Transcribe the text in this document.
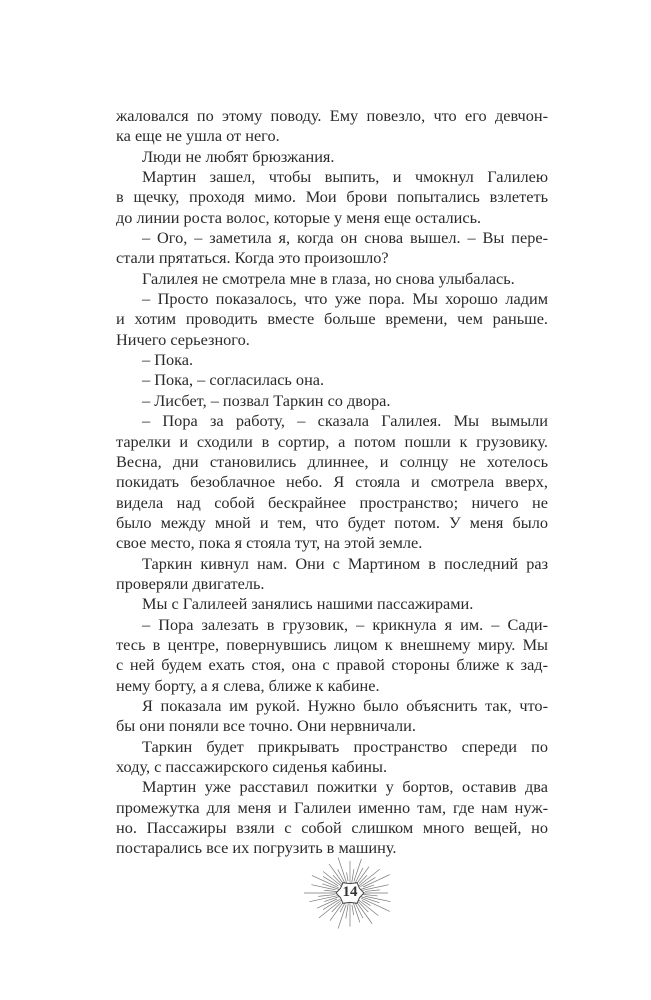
жаловался по этому поводу. Ему повезло, что его девчон-
ка еще не ушла от него.
Люди не любят брюзжания.
Мартин зашел, чтобы выпить, и чмокнул Галилею
в щечку, проходя мимо. Мои брови попытались взлететь
до линии роста волос, которые у меня еще остались.
– Ого, – заметила я, когда он снова вышел. – Вы пере-
стали прятаться. Когда это произошло?
Галилея не смотрела мне в глаза, но снова улыбалась.
– Просто показалось, что уже пора. Мы хорошо ладим
и хотим проводить вместе больше времени, чем раньше.
Ничего серьезного.
– Пока.
– Пока, – согласилась она.
– Лисбет, – позвал Таркин со двора.
– Пора за работу, – сказала Галилея. Мы вымыли
тарелки и сходили в сортир, а потом пошли к грузовику.
Весна, дни становились длиннее, и солнцу не хотелось
покидать безоблачное небо. Я стояла и смотрела вверх,
видела над собой бескрайнее пространство; ничего не
было между мной и тем, что будет потом. У меня было
свое место, пока я стояла тут, на этой земле.
Таркин кивнул нам. Они с Мартином в последний раз
проверяли двигатель.
Мы с Галилеей занялись нашими пассажирами.
– Пора залезать в грузовик, – крикнула я им. – Сади-
тесь в центре, повернувшись лицом к внешнему миру. Мы
с ней будем ехать стоя, она с правой стороны ближе к зад-
нему борту, а я слева, ближе к кабине.
Я показала им рукой. Нужно было объяснить так, что-
бы они поняли все точно. Они нервничали.
Таркин будет прикрывать пространство спереди по
ходу, с пассажирского сиденья кабины.
Мартин уже расставил пожитки у бортов, оставив два
промежутка для меня и Галилеи именно там, где нам нуж-
но. Пассажиры взяли с собой слишком много вещей, но
постарались все их погрузить в машину.
14
